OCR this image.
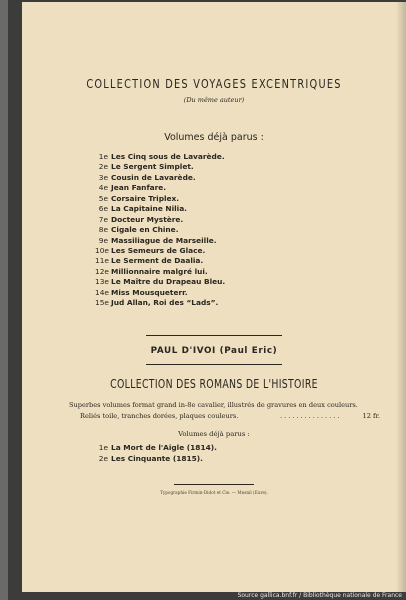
COLLECTION DES VOYAGES EXCENTRIQUES
(Du même auteur)
Volumes déjà parus :
1e Les Cinq sous de Lavarède.
2e Le Sergent Simplet.
3e Cousin de Lavarède.
4e Jean Fanfare.
5e Corsaire Triplex.
6e La Capitaine Nilia.
7e Docteur Mystère.
8e Cigale en Chine.
9e Massiliague de Marseille.
10e Les Semeurs de Glace.
11e Le Serment de Daalia.
12e Millionnaire malgré lui.
13e Le Maître du Drapeau Bleu.
14e Miss Mousqueterr.
15e Jud Allan, Roi des “Lads”.
PAUL D'IVOI (Paul Eric)
COLLECTION DES ROMANS DE L'HISTOIRE
Superbes volumes format grand in-8e cavalier, illustrés de gravures en deux couleurs.
Reliés toile, tranches dorées, plaques couleurs.	...............	12 fr.
Volumes déjà parus :
1e La Mort de l'Aigle (1814).
2e Les Cinquante (1815).
Typographie Firmin-Didot et Cie. — Mesnil (Eure).
Source gallica.bnf.fr / Bibliothèque nationale de France
